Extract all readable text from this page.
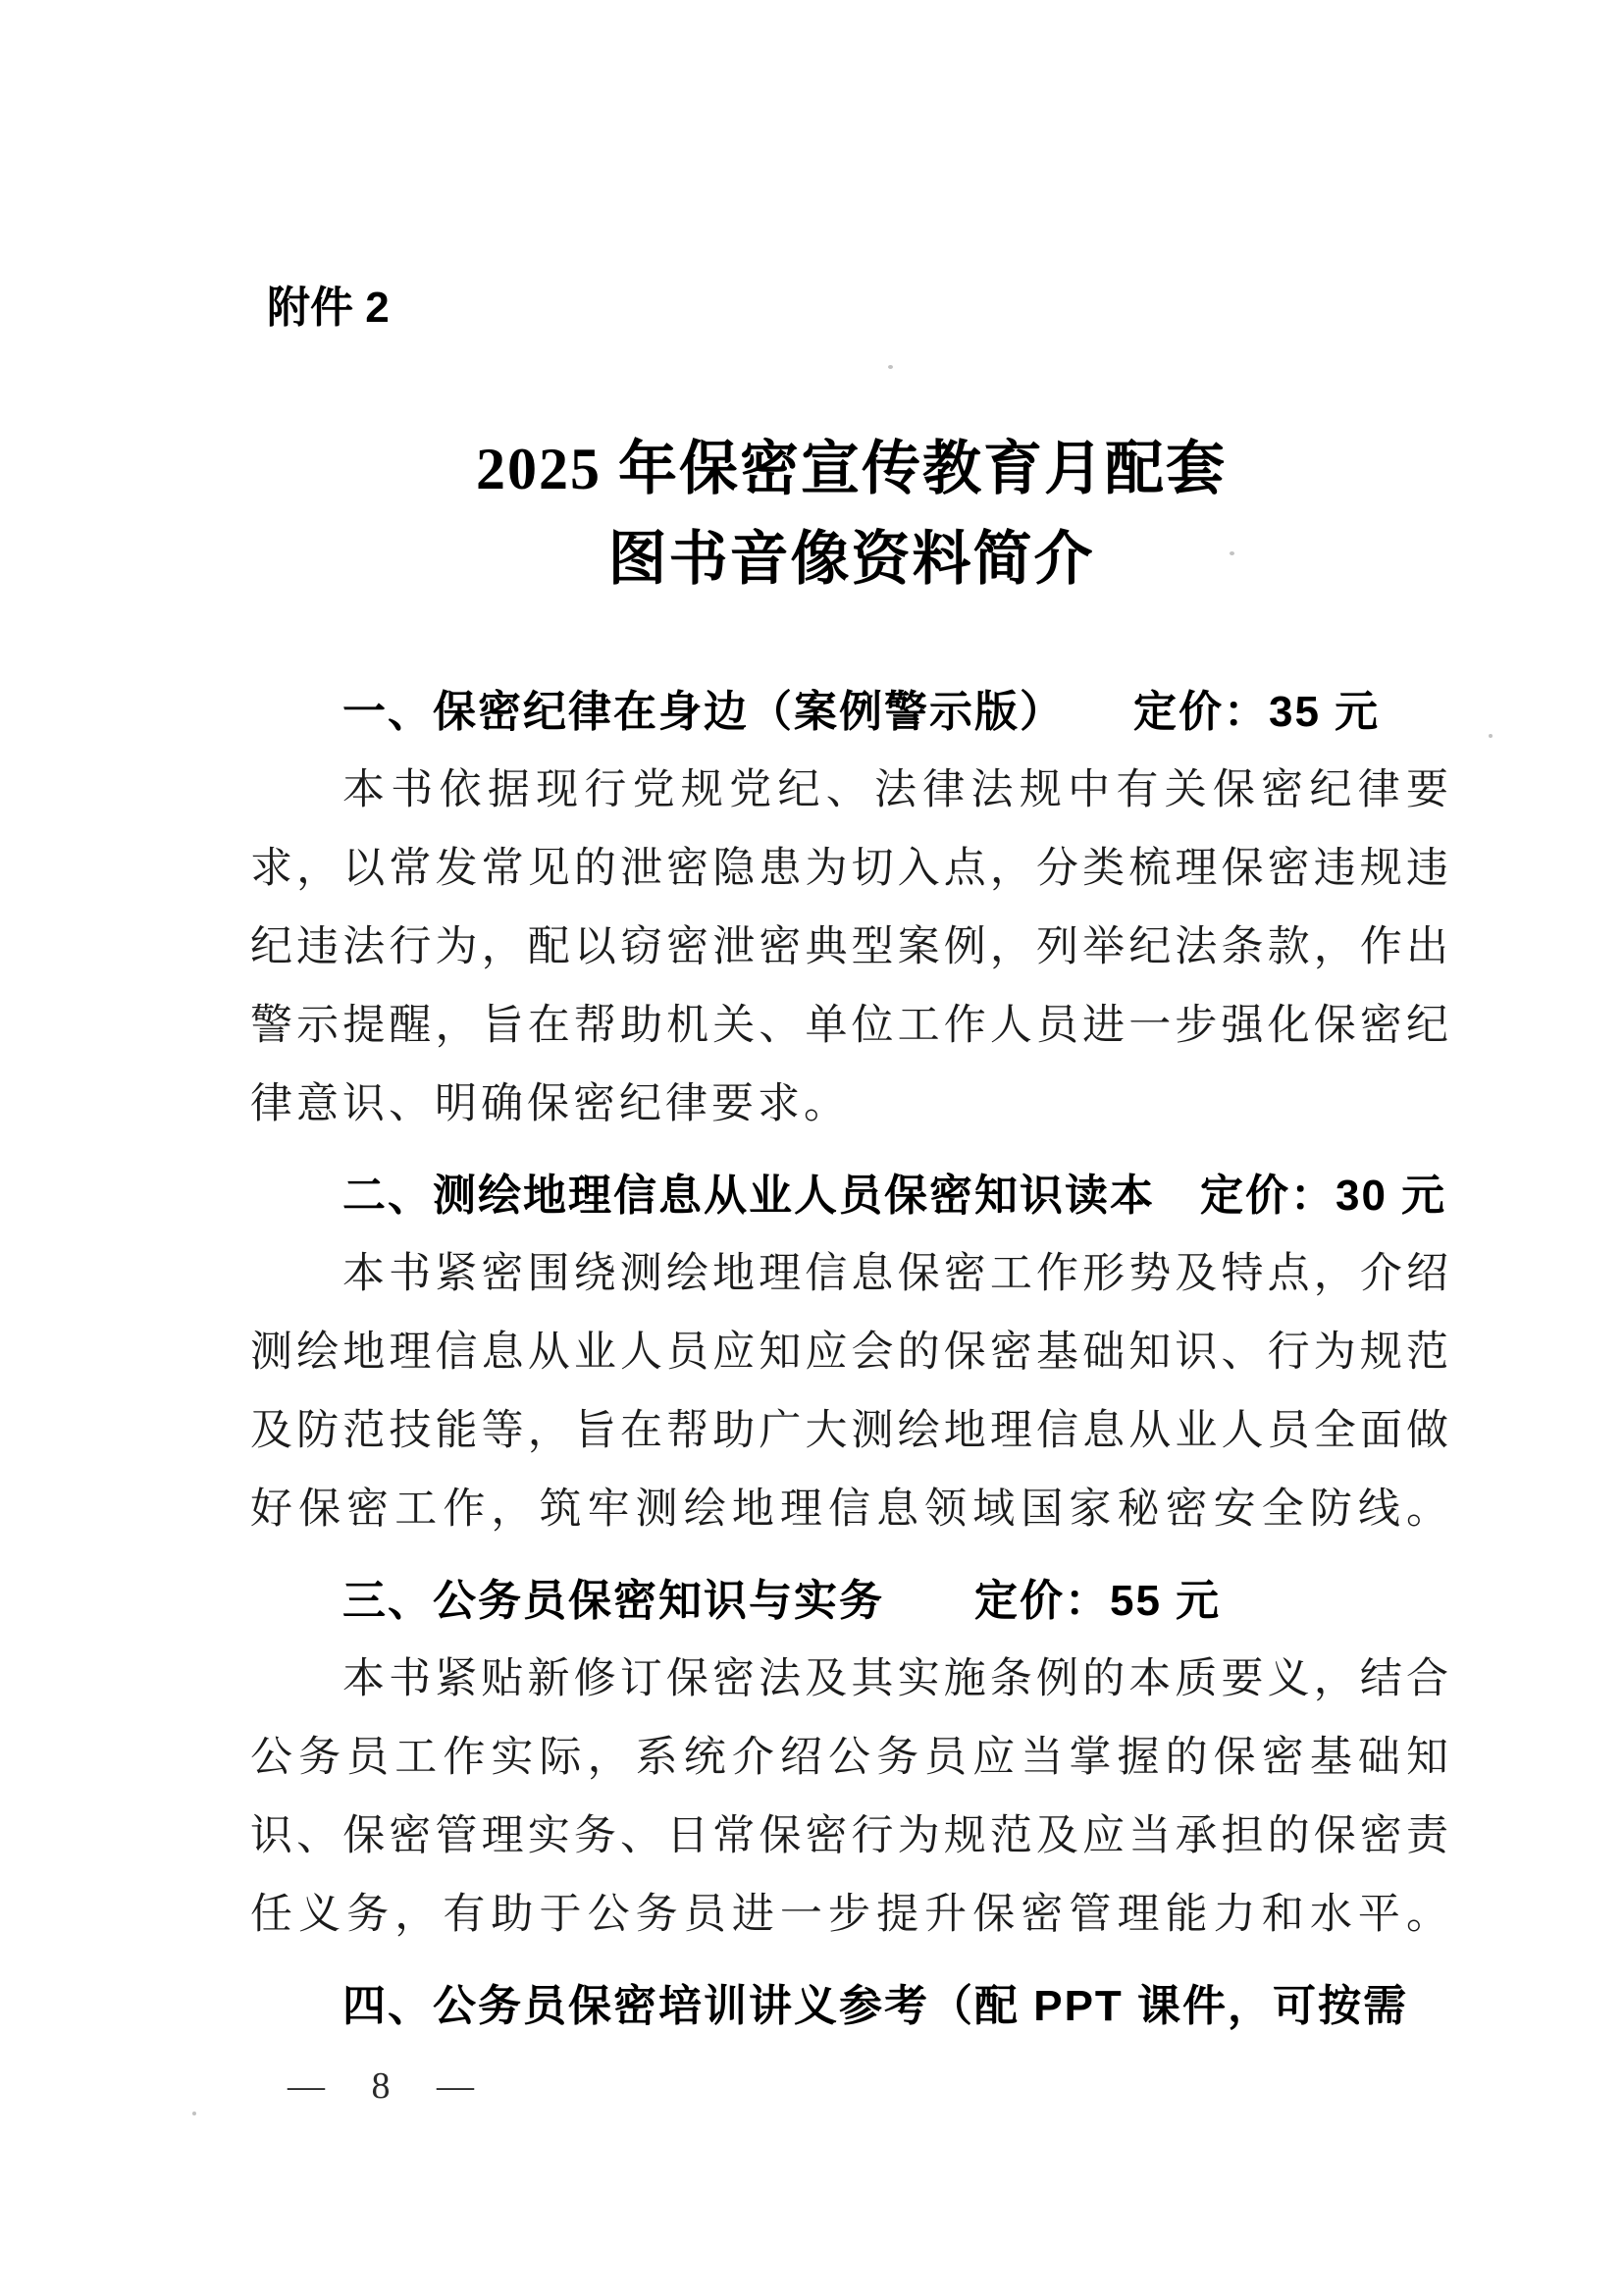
附件 2
2025 年保密宣传教育月配套
图书音像资料简介
一、保密纪律在身边（案例警示版）　　定价：35 元
本书依据现行党规党纪、法律法规中有关保密纪律要
求，以常发常见的泄密隐患为切入点，分类梳理保密违规违
纪违法行为，配以窃密泄密典型案例，列举纪法条款，作出
警示提醒，旨在帮助机关、单位工作人员进一步强化保密纪
律意识、明确保密纪律要求。
二、测绘地理信息从业人员保密知识读本　定价：30 元
本书紧密围绕测绘地理信息保密工作形势及特点，介绍
测绘地理信息从业人员应知应会的保密基础知识、行为规范
及防范技能等，旨在帮助广大测绘地理信息从业人员全面做
好保密工作，筑牢测绘地理信息领域国家秘密安全防线。
三、公务员保密知识与实务　　定价：55 元
本书紧贴新修订保密法及其实施条例的本质要义，结合
公务员工作实际，系统介绍公务员应当掌握的保密基础知
识、保密管理实务、日常保密行为规范及应当承担的保密责
任义务，有助于公务员进一步提升保密管理能力和水平。
四、公务员保密培训讲义参考（配 PPT 课件，可按需
— 8 —
